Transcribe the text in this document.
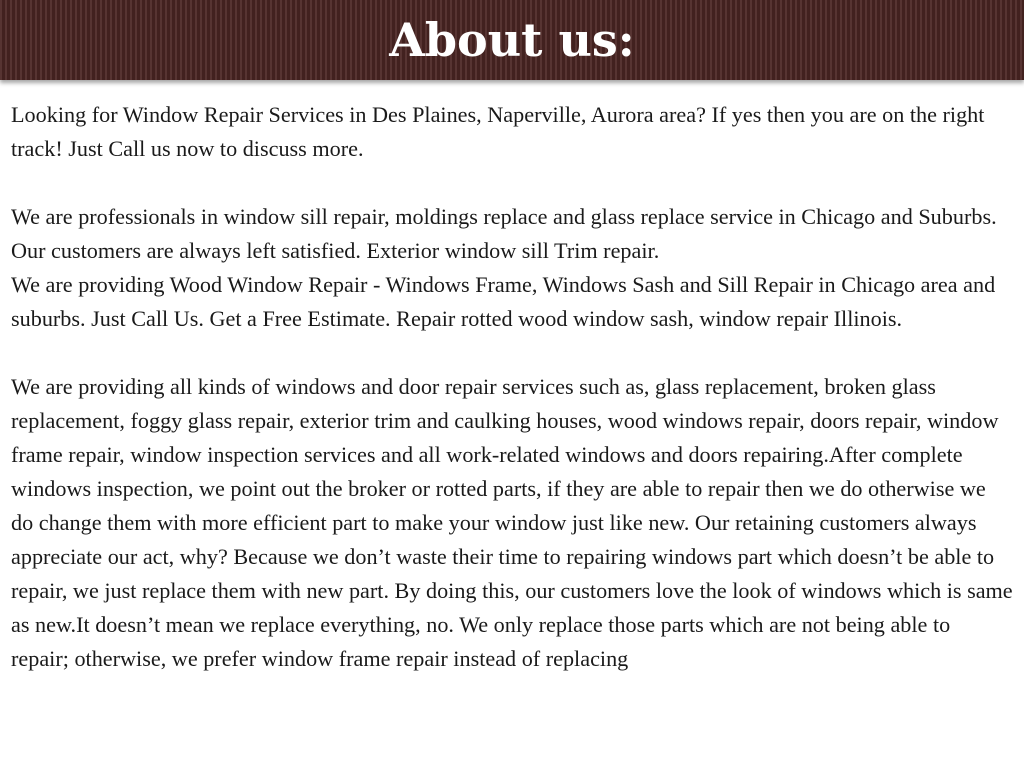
About us:

Looking for Window Repair Services in Des Plaines, Naperville, Aurora area? If yes then you are on the right track! Just Call us now to discuss more.

We are professionals in window sill repair, moldings replace and glass replace service in Chicago and Suburbs. Our customers are always left satisfied. Exterior window sill Trim repair.

We are providing Wood Window Repair - Windows Frame, Windows Sash and Sill Repair in Chicago area and suburbs. Just Call Us. Get a Free Estimate. Repair rotted wood window sash, window repair Illinois.

We are providing all kinds of windows and door repair services such as, glass replacement, broken glass replacement, foggy glass repair, exterior trim and caulking houses, wood windows repair, doors repair, window frame repair, window inspection services and all work-related windows and doors repairing.After complete windows inspection, we point out the broker or rotted parts, if they are able to repair then we do otherwise we do change them with more efficient part to make your window just like new. Our retaining customers always appreciate our act, why? Because we don’t waste their time to repairing windows part which doesn’t be able to repair, we just replace them with new part. By doing this, our customers love the look of windows which is same as new.It doesn’t mean we replace everything, no. We only replace those parts which are not being able to repair; otherwise, we prefer window frame repair instead of replacing
